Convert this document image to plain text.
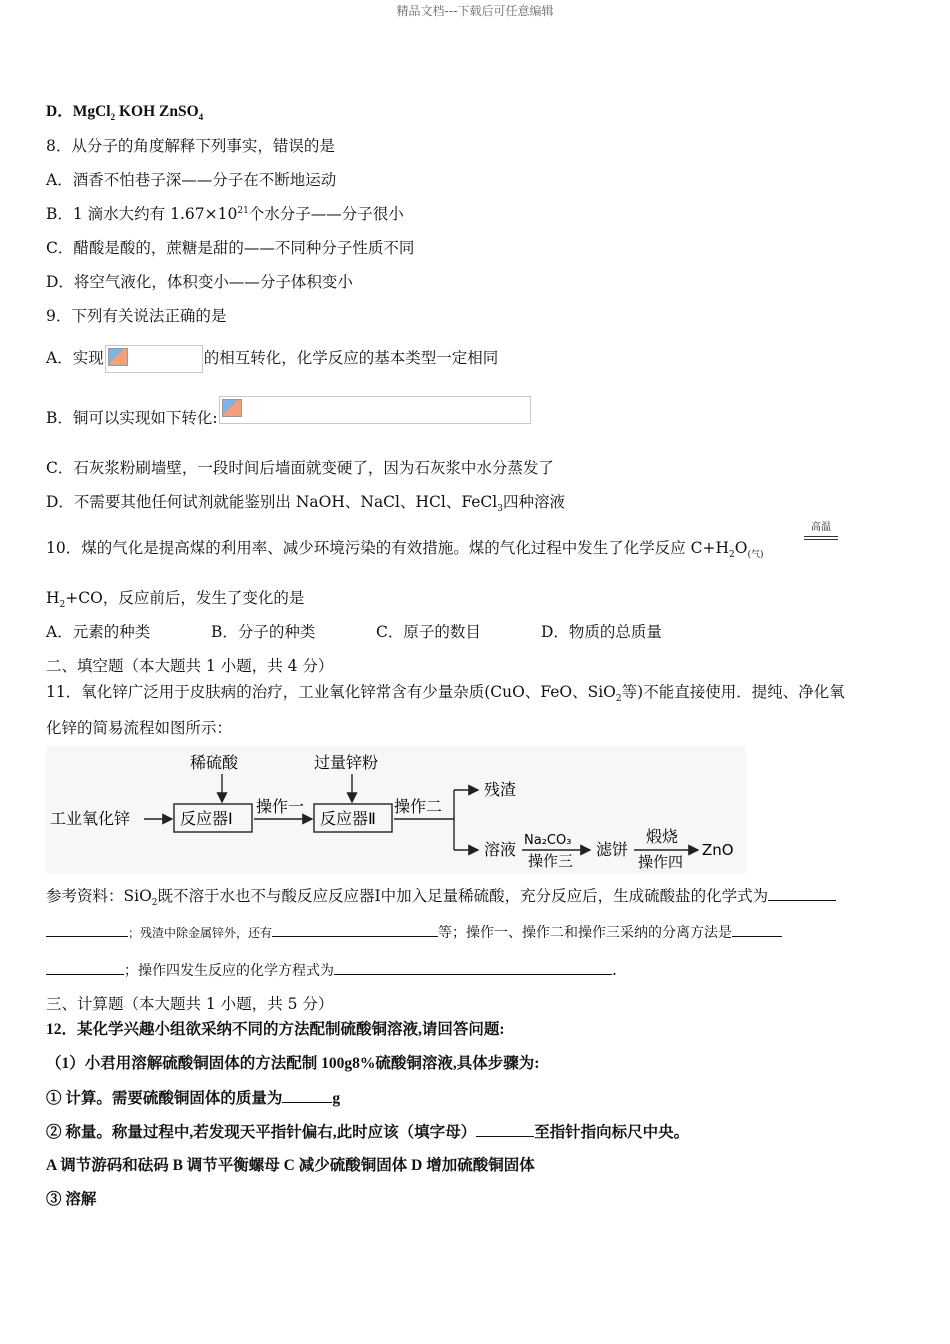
精品文档---下载后可任意编辑
D．MgCl$_2$ KOH ZnSO$_4$
8．从分子的角度解释下列事实，错误的是
A．酒香不怕巷子深——分子在不断地运动
B．1 滴水大约有 $1.67\times 10^{21}$个水分子——分子很小
C．醋酸是酸的，蔗糖是甜的——不同种分子性质不同
D．将空气液化，体积变小——分子体积变小
9．下列有关说法正确的是
A．实现	的相互转化，化学反应的基本类型一定相同
B．铜可以实现如下转化:
C．石灰浆粉刷墙壁，一段时间后墙面就变硬了，因为石灰浆中水分蒸发了
D．不需要其他任何试剂就能鉴别出 NaOH、NaCl、HCl、FeCl$_3$四种溶液
10．煤的气化是提高煤的利用率、减少环境污染的有效措施。煤的气化过程中发生了化学反应 $C+H_2O_{(气)}$
高温
$H_2+CO$，反应前后，发生了变化的是
A．元素的种类	B．分子的种类	C．原子的数目	D．物质的总质量
二、填空题（本大题共 1 小题，共 4 分）
11．氧化锌广泛用于皮肤病的治疗，工业氧化锌常含有少量杂质(CuO、FeO、SiO$_2$等)不能直接使用．提纯、净化氧
化锌的简易流程如图所示：
工业氧化锌
稀硫酸
反应器Ⅰ
操作一
过量锌粉
反应器Ⅱ
操作二
残渣
溶液 Na₂CO₃
操作三
滤饼
煅烧
操作四
ZnO
参考资料：SiO$_2$既不溶于水也不与酸反应反应器Ⅰ中加入足量稀硫酸，充分反应后，生成硫酸盐的化学式为
；残渣中除金属锌外，还有	等；操作一、操作二和操作三采纳的分离方法是
；操作四发生反应的化学方程式为	.
三、计算题（本大题共 1 小题，共 5 分）
12．某化学兴趣小组欲采纳不同的方法配制硫酸铜溶液,请回答问题:
（1）小君用溶解硫酸铜固体的方法配制 100g8%硫酸铜溶液,具体步骤为:
① 计算。需要硫酸铜固体的质量为	g
② 称量。称量过程中,若发现天平指针偏右,此时应该（填字母）	至指针指向标尺中央。
A 调节游码和砝码 B 调节平衡螺母 C 减少硫酸铜固体 D 增加硫酸铜固体
③ 溶解
